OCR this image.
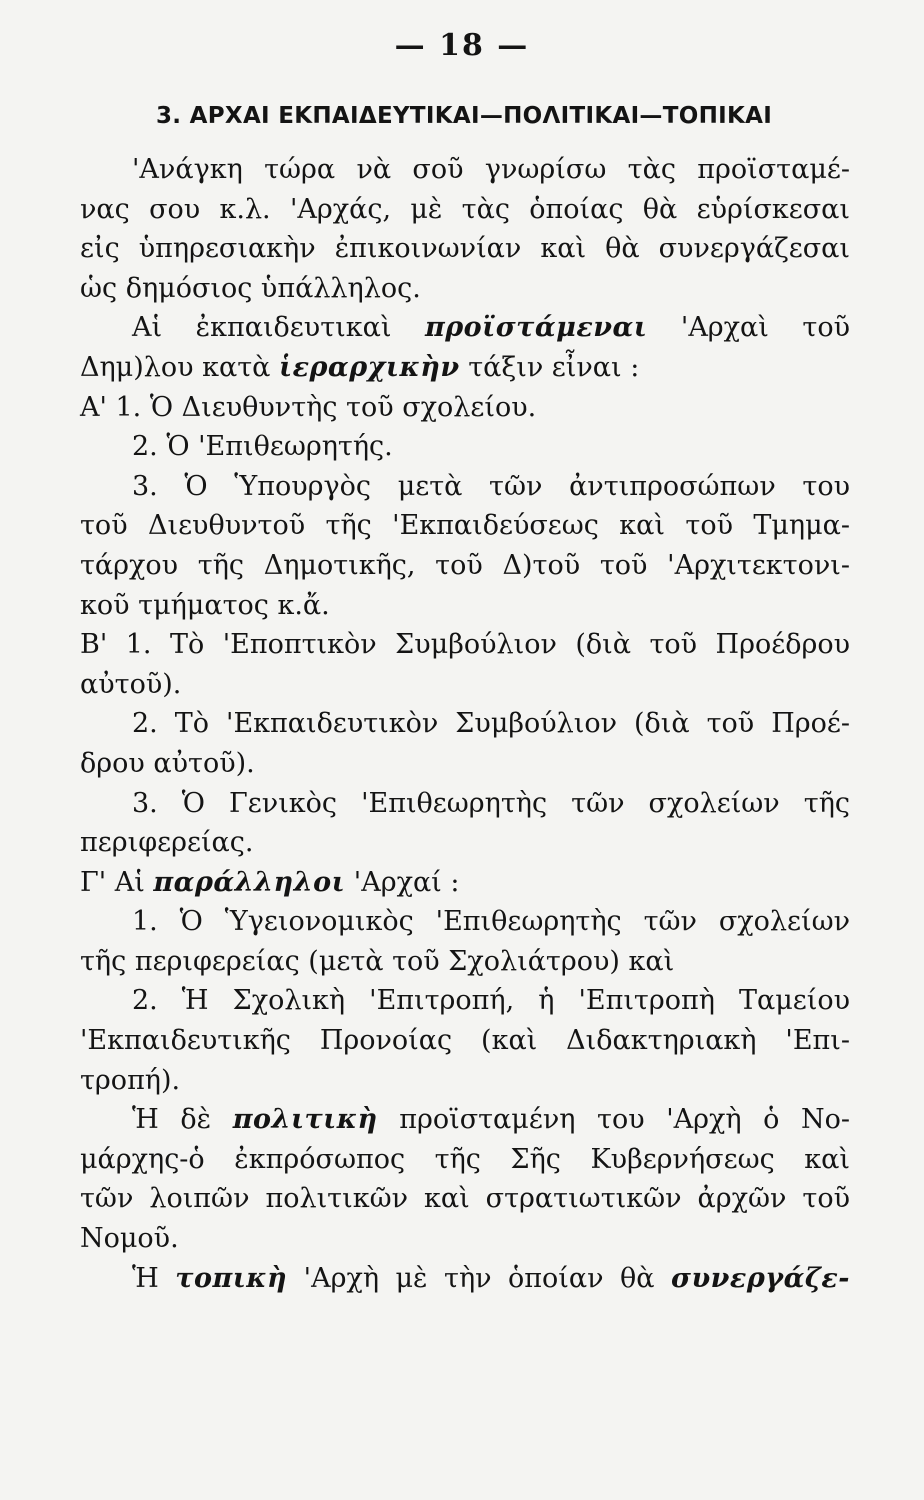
— 18 —
3. ΑΡΧΑΙ ΕΚΠΑΙΔΕΥΤΙΚΑΙ—ΠΟΛΙΤΙΚΑΙ—ΤΟΠΙΚΑΙ
'Ανάγκη τώρα νὰ σοῦ γνωρίσω τὰς προϊσταμέ-
νας σου κ.λ. 'Αρχάς, μὲ τὰς ὁποίας θὰ εὑρίσκεσαι
εἰς ὑπηρεσιακὴν ἐπικοινωνίαν καὶ θὰ συνεργάζεσαι
ὡς δημόσιος ὑπάλληλος.
Αἱ ἐκπαιδευτικαὶ προϊστάμεναι 'Αρχαὶ τοῦ
Δημ)λου κατὰ ἱεραρχικὴν τάξιν εἶναι :
Α' 1. Ὁ Διευθυντὴς τοῦ σχολείου.
2. Ὁ 'Επιθεωρητής.
3. Ὁ Ὑπουργὸς μετὰ τῶν ἀντιπροσώπων του
τοῦ Διευθυντοῦ τῆς 'Εκπαιδεύσεως καὶ τοῦ Τμημα-
τάρχου τῆς Δημοτικῆς, τοῦ Δ)τοῦ τοῦ 'Αρχιτεκτονι-
κοῦ τμήματος κ.ἄ.
Β' 1. Τὸ 'Εποπτικὸν Συμβούλιον (διὰ τοῦ Προέδρου
αὐτοῦ).
2. Τὸ 'Εκπαιδευτικὸν Συμβούλιον (διὰ τοῦ Προέ-
δρου αὐτοῦ).
3. Ὁ Γενικὸς 'Επιθεωρητὴς τῶν σχολείων τῆς
περιφερείας.
Γ' Αἱ παράλληλοι 'Αρχαί :
1. Ὁ Ὑγειονομικὸς 'Επιθεωρητὴς τῶν σχολείων
τῆς περιφερείας (μετὰ τοῦ Σχολιάτρου) καὶ
2. Ἡ Σχολικὴ 'Επιτροπή, ἡ 'Επιτροπὴ Ταμείου
'Εκπαιδευτικῆς Προνοίας (καὶ Διδακτηριακὴ 'Επι-
τροπή).
Ἡ δὲ πολιτικὴ προϊσταμένη του 'Αρχὴ ὁ Νο-
μάρχης-ὁ ἐκπρόσωπος τῆς Σῆς Κυβερνήσεως καὶ
τῶν λοιπῶν πολιτικῶν καὶ στρατιωτικῶν ἀρχῶν τοῦ
Νομοῦ.
Ἡ τοπικὴ 'Αρχὴ μὲ τὴν ὁποίαν θὰ συνεργάζε-
